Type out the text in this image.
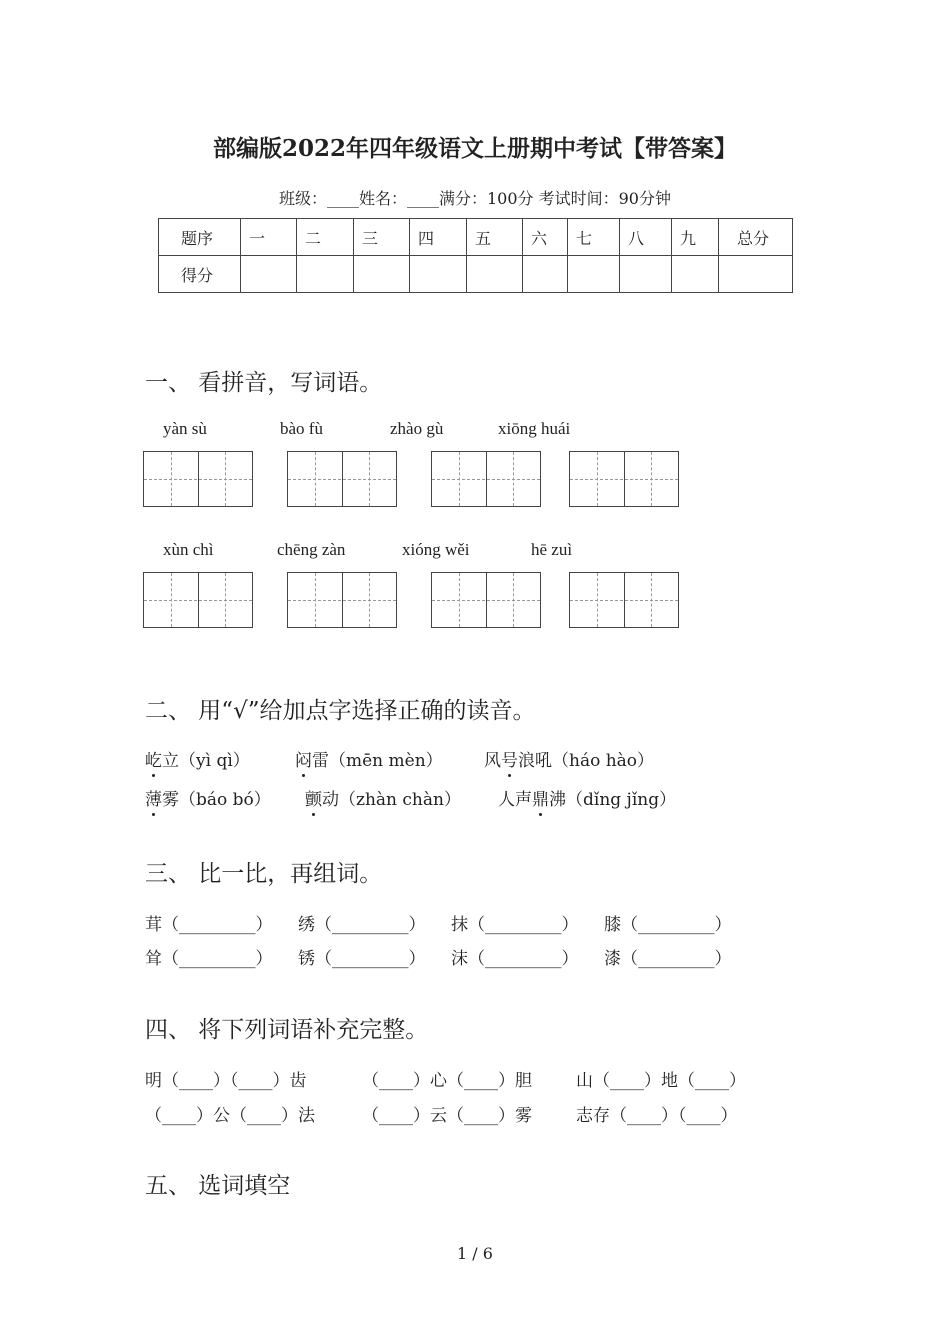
部编版2022年四年级语文上册期中考试【带答案】
班级：____姓名：____满分：100分 考试时间：90分钟
题序	一	二	三	四	五	六	七	八	九	总分
得分										
一、 看拼音，写词语。
yàn sù	bào fù	zhào gù	xiōng huái
xùn chì	chēng zàn	xióng wěi	hē zuì
二、 用“√”给加点字选择正确的读音。
屹立（yì qì）	闷雷（mēn mèn） 风号浪吼（háo hào）
薄雾（báo bó） 颤动（zhàn chàn） 人声鼎沸（dǐng jǐng）
三、 比一比，再组词。
茸（_________） 绣（_________） 抹（_________） 膝（_________）
耸（_________） 锈（_________） 沫（_________） 漆（_________）
四、 将下列词语补充完整。
明（____）（____）齿	（____）心（____）胆	山（____）地（____）
（____）公（____）法	（____）云（____）雾	志存（____）（____）
五、 选词填空
1 / 6
